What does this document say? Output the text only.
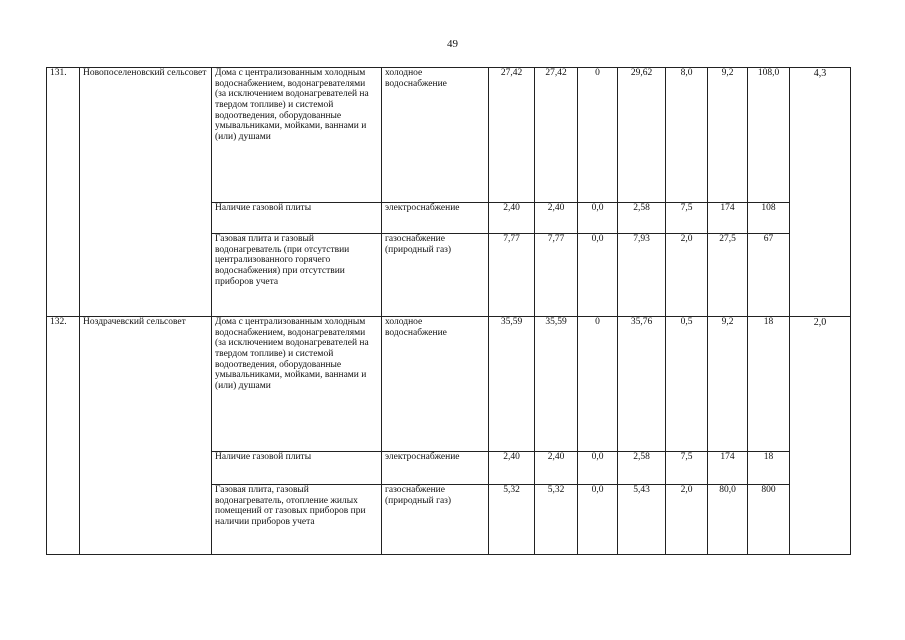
49
131.	Новопоселеновский сельсовет	Дома с централизованным холодным водоснабжением, водонагревателями (за исключением водонагревателей на твердом топливе) и системой водоотведения, оборудованные умывальниками, мойками, ваннами и (или) душами	холодное водоснабжение	27,42	27,42	0	29,62	8,0	9,2	108,0	4,3
		Наличие газовой плиты	электроснабжение	2,40	2,40	0,0	2,58	7,5	174	108	
		Газовая плита и газовый водонагреватель (при отсутствии централизованного горячего водоснабжения) при отсутствии приборов учета	газоснабжение (природный газ)	7,77	7,77	0,0	7,93	2,0	27,5	67	
132.	Ноздрачевский сельсовет	Дома с централизованным холодным водоснабжением, водонагревателями (за исключением водонагревателей на твердом топливе) и системой водоотведения, оборудованные умывальниками, мойками, ваннами и (или) душами	холодное водоснабжение	35,59	35,59	0	35,76	0,5	9,2	18	2,0
		Наличие газовой плиты	электроснабжение	2,40	2,40	0,0	2,58	7,5	174	18	
		Газовая плита, газовый водонагреватель, отопление жилых помещений от газовых приборов при наличии приборов учета	газоснабжение (природный газ)	5,32	5,32	0,0	5,43	2,0	80,0	800	
